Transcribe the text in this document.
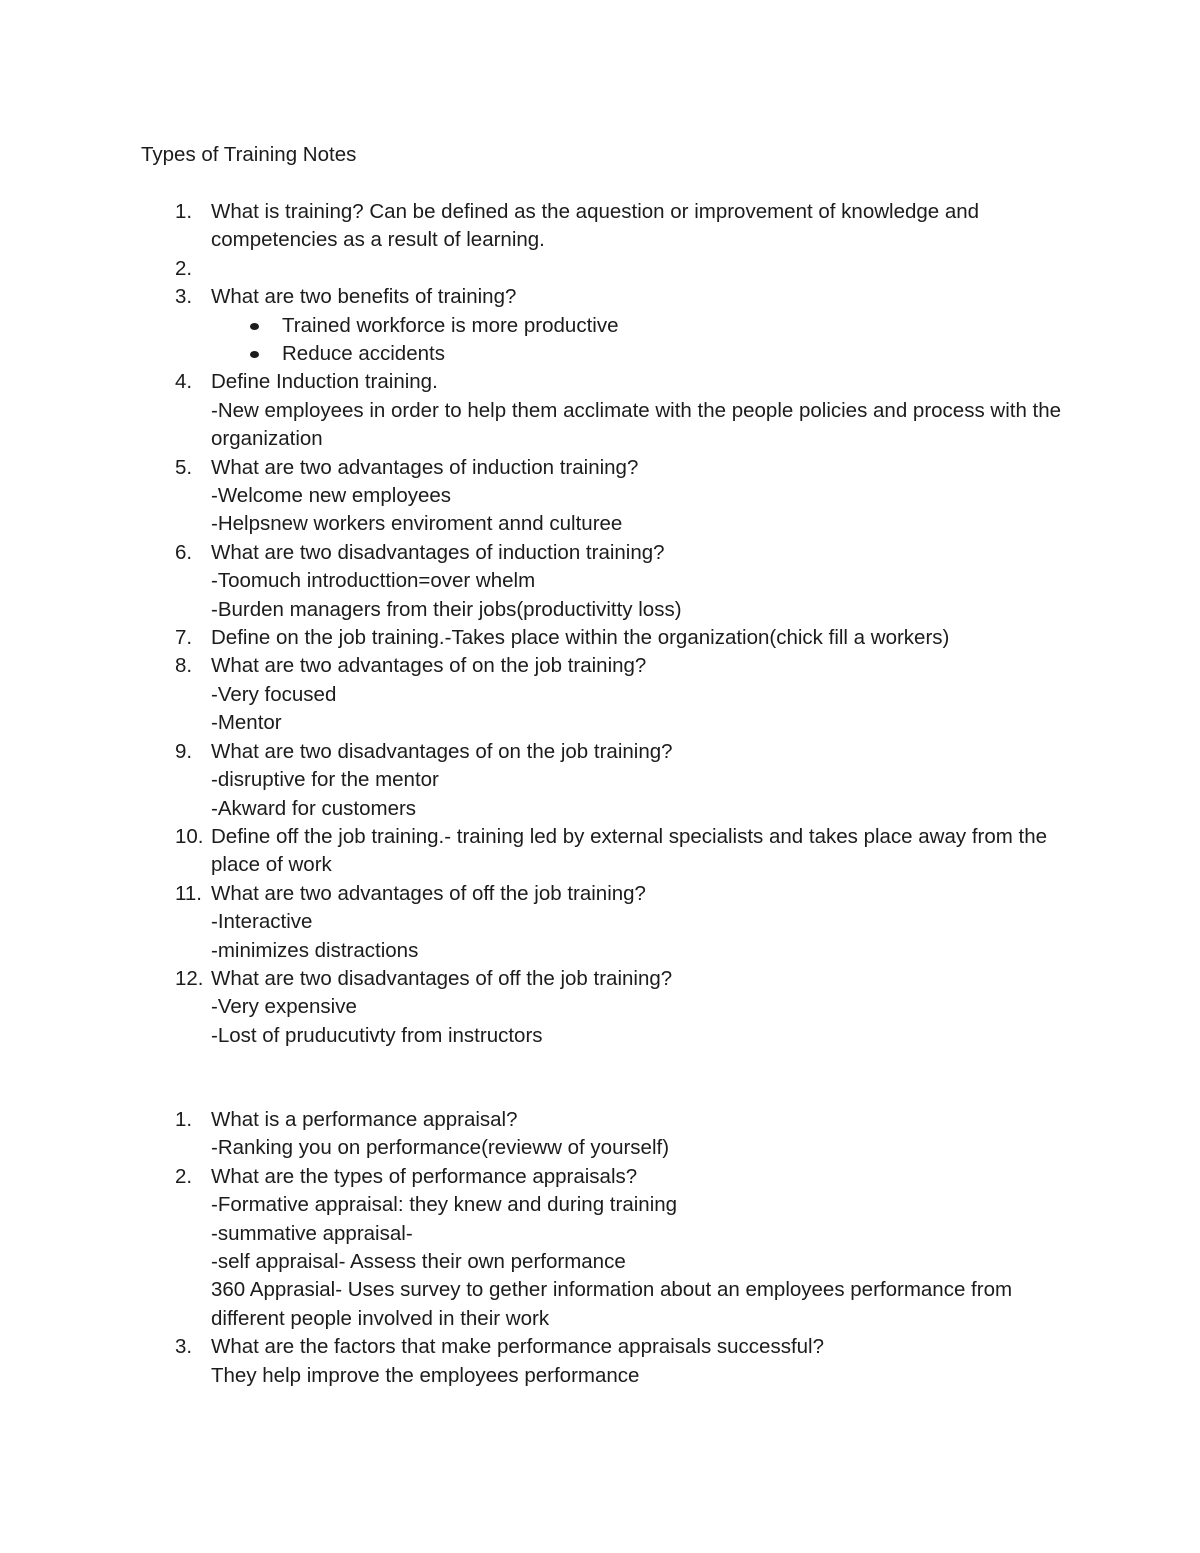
Types of Training Notes
1. What is training? Can be defined as the aquestion or improvement of knowledge and competencies as a result of learning.
2.
3. What are two benefits of training?
Trained workforce is more productive
Reduce accidents
4. Define Induction training.
-New employees in order to help them acclimate with the people policies and process with the organization
5. What are two advantages of induction training?
-Welcome new employees
-Helpsnew workers enviroment annd culturee
6. What are two disadvantages of induction training?
-Toomuch introducttion=over whelm
-Burden managers from their jobs(productivitty loss)
7. Define on the job training.-Takes place within the organization(chick fill a workers)
8. What are two advantages of on the job training?
-Very focused
-Mentor
9. What are two disadvantages of on the job training?
-disruptive for the mentor
-Akward for customers
10. Define off the job training.- training led by external specialists and takes place away from the place of work
11. What are two advantages of off the job training?
-Interactive
-minimizes distractions
12. What are two disadvantages of off the job training?
-Very expensive
-Lost of pruducutivty from instructors
1. What is a performance appraisal?
-Ranking you on performance(revieww of yourself)
2. What are the types of performance appraisals?
-Formative appraisal: they knew and during training
-summative appraisal-
-self appraisal- Assess their own performance
360 Apprasial- Uses survey to gether information about an employees performance from different people involved in their work
3. What are the factors that make performance appraisals successful?
They help improve the employees performance
